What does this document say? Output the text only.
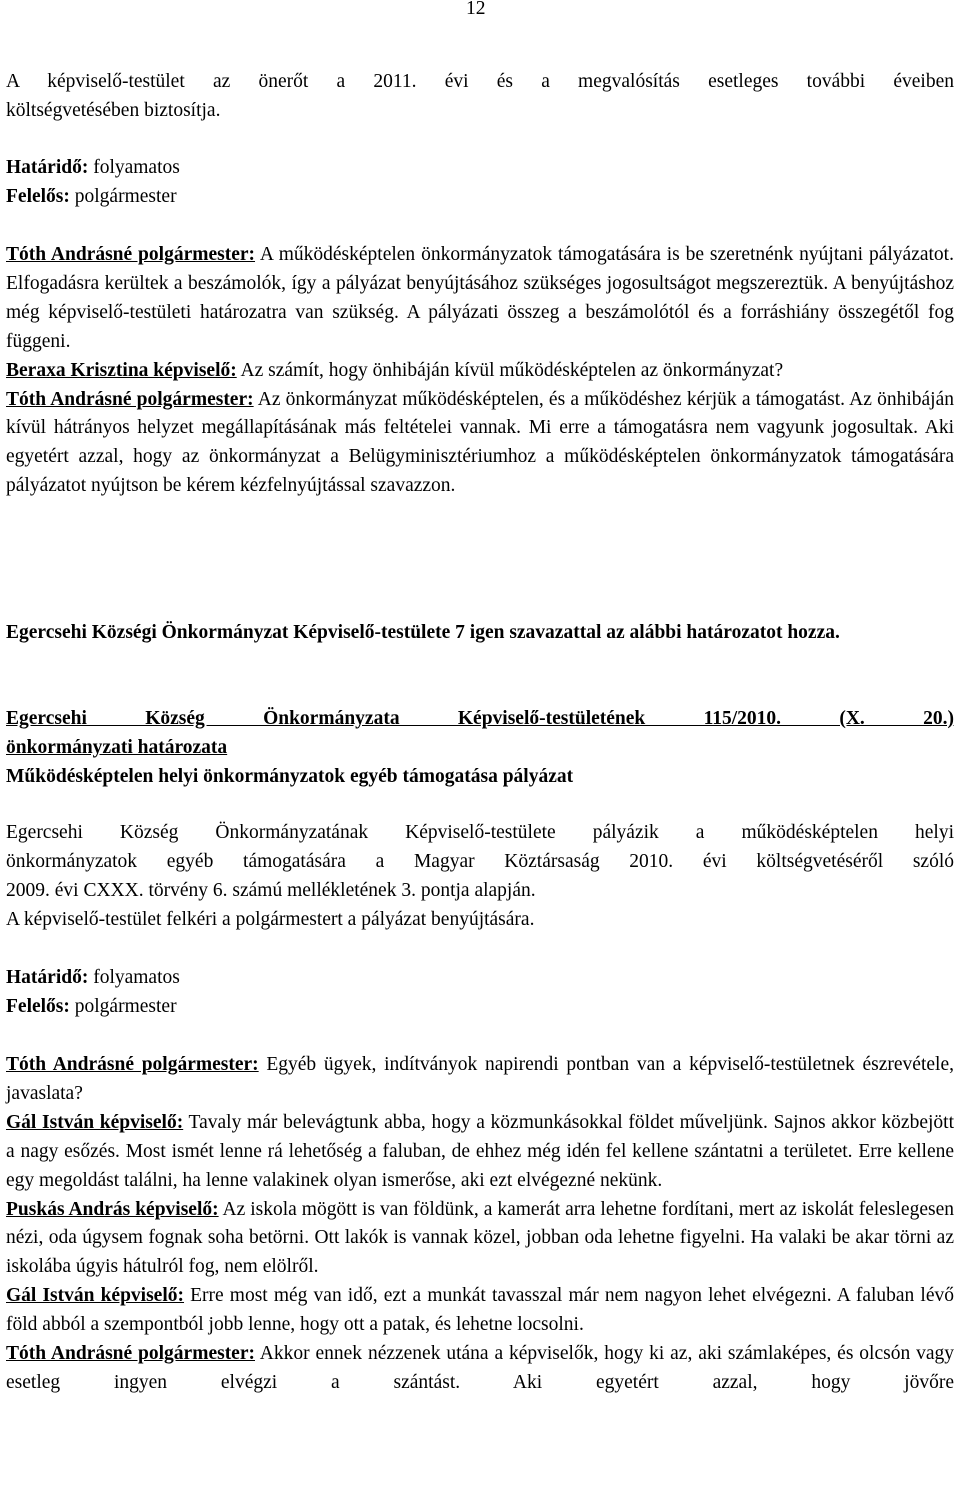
12

A képviselő-testület az önerőt a 2011. évi és a megvalósítás esetleges további éveiben

költségvetésében biztosítja.

Határidő: folyamatos

Felelős: polgármester

Tóth Andrásné polgármester: A működésképtelen önkormányzatok támogatására is be szeretnénk nyújtani pályázatot. Elfogadásra kerültek a beszámolók, így a pályázat benyújtásához szükséges jogosultságot megszereztük. A benyújtáshoz még képviselő-testületi határozatra van szükség. A pályázati összeg a beszámolótól és a forráshiány összegétől fog függeni.

Beraxa Krisztina képviselő: Az számít, hogy önhibáján kívül működésképtelen az önkormányzat?

Tóth Andrásné polgármester: Az önkormányzat működésképtelen, és a működéshez kérjük a támogatást. Az önhibáján kívül hátrányos helyzet megállapításának más feltételei vannak. Mi erre a támogatásra nem vagyunk jogosultak. Aki egyetért azzal, hogy az önkormányzat a Belügyminisztériumhoz a működésképtelen önkormányzatok támogatására pályázatot nyújtson be kérem kézfelnyújtással szavazzon.

Egercsehi Községi Önkormányzat Képviselő-testülete 7 igen szavazattal az alábbi határozatot hozza.

Egercsehi Község Önkormányzata Képviselő-testületének 115/2010. (X. 20.)

önkormányzati határozata

Működésképtelen helyi önkormányzatok egyéb támogatása pályázat

Egercsehi Község Önkormányzatának Képviselő-testülete pályázik a működésképtelen helyi

önkormányzatok egyéb támogatására a Magyar Köztársaság 2010. évi költségvetéséről szóló

2009. évi CXXX. törvény 6. számú mellékletének 3. pontja alapján.

A képviselő-testület felkéri a polgármestert a pályázat benyújtására.

Határidő: folyamatos

Felelős: polgármester

Tóth Andrásné polgármester: Egyéb ügyek, indítványok napirendi pontban van a képviselő-testületnek észrevétele, javaslata?

Gál István képviselő: Tavaly már belevágtunk abba, hogy a közmunkásokkal földet műveljünk. Sajnos akkor közbejött a nagy esőzés. Most ismét lenne rá lehetőség a faluban, de ehhez még idén fel kellene szántatni a területet. Erre kellene egy megoldást találni, ha lenne valakinek olyan ismerőse, aki ezt elvégezné nekünk.

Puskás András képviselő: Az iskola mögött is van földünk, a kamerát arra lehetne fordítani, mert az iskolát feleslegesen nézi, oda úgysem fognak soha betörni. Ott lakók is vannak közel, jobban oda lehetne figyelni. Ha valaki be akar törni az iskolába úgyis hátulról fog, nem elölről.

Gál István képviselő: Erre most még van idő, ezt a munkát tavasszal már nem nagyon lehet elvégezni. A faluban lévő föld abból a szempontból jobb lenne, hogy ott a patak, és lehetne locsolni.

Tóth Andrásné polgármester: Akkor ennek nézzenek utána a képviselők, hogy ki az, aki számlaképes, és olcsón vagy esetleg ingyen elvégzi a szántást. Aki egyetért azzal, hogy jövőre
